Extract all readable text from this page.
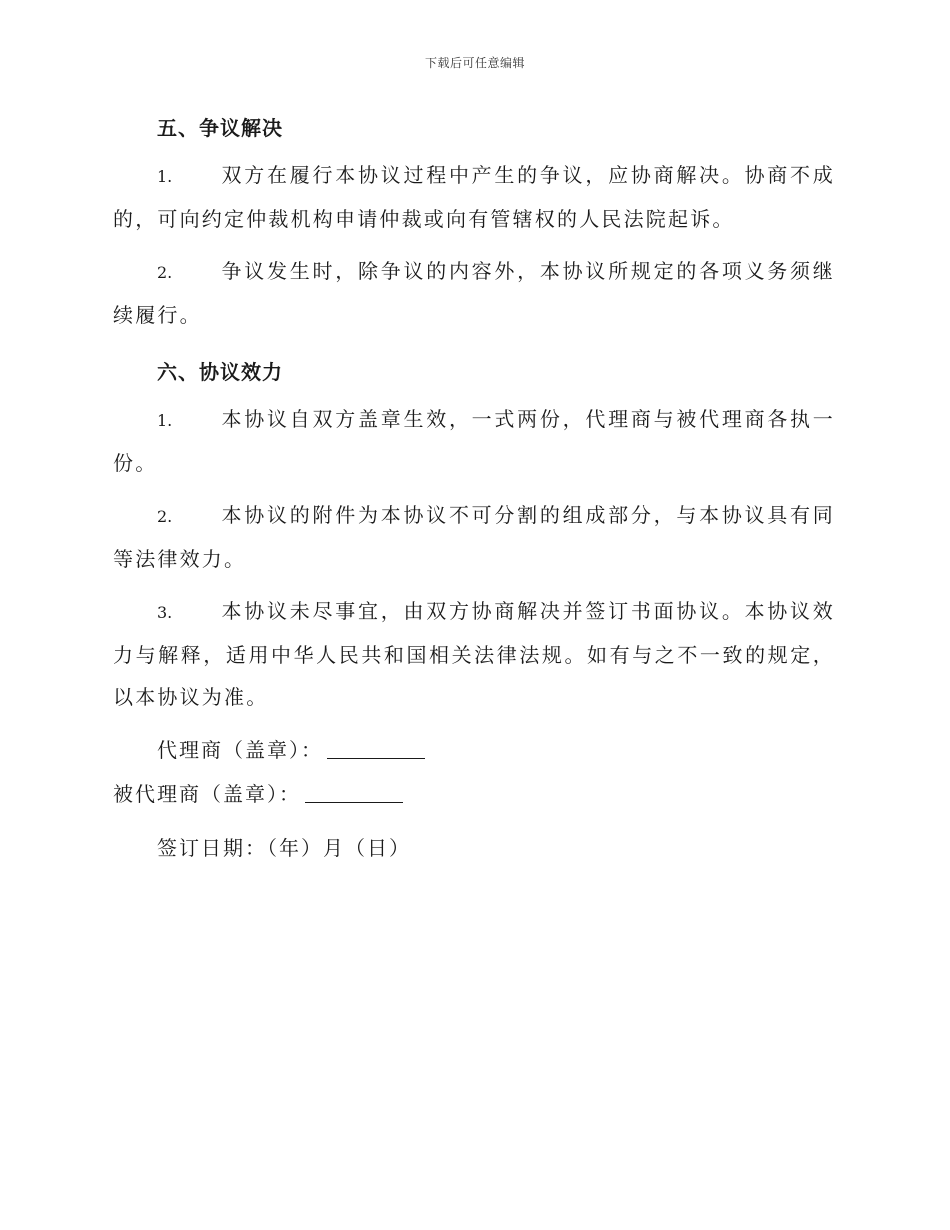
下载后可任意编辑
五、争议解决

1. 双方在履行本协议过程中产生的争议，应协商解决。协商不成的，可向约定仲裁机构申请仲裁或向有管辖权的人民法院起诉。

2. 争议发生时，除争议的内容外，本协议所规定的各项义务须继续履行。

六、协议效力

1. 本协议自双方盖章生效，一式两份，代理商与被代理商各执一份。

2. 本协议的附件为本协议不可分割的组成部分，与本协议具有同等法律效力。

3. 本协议未尽事宜，由双方协商解决并签订书面协议。本协议效力与解释，适用中华人民共和国相关法律法规。如有与之不一致的规定，以本协议为准。

代理商（盖章）：

被代理商（盖章）：

签订日期：（年）月（日）
